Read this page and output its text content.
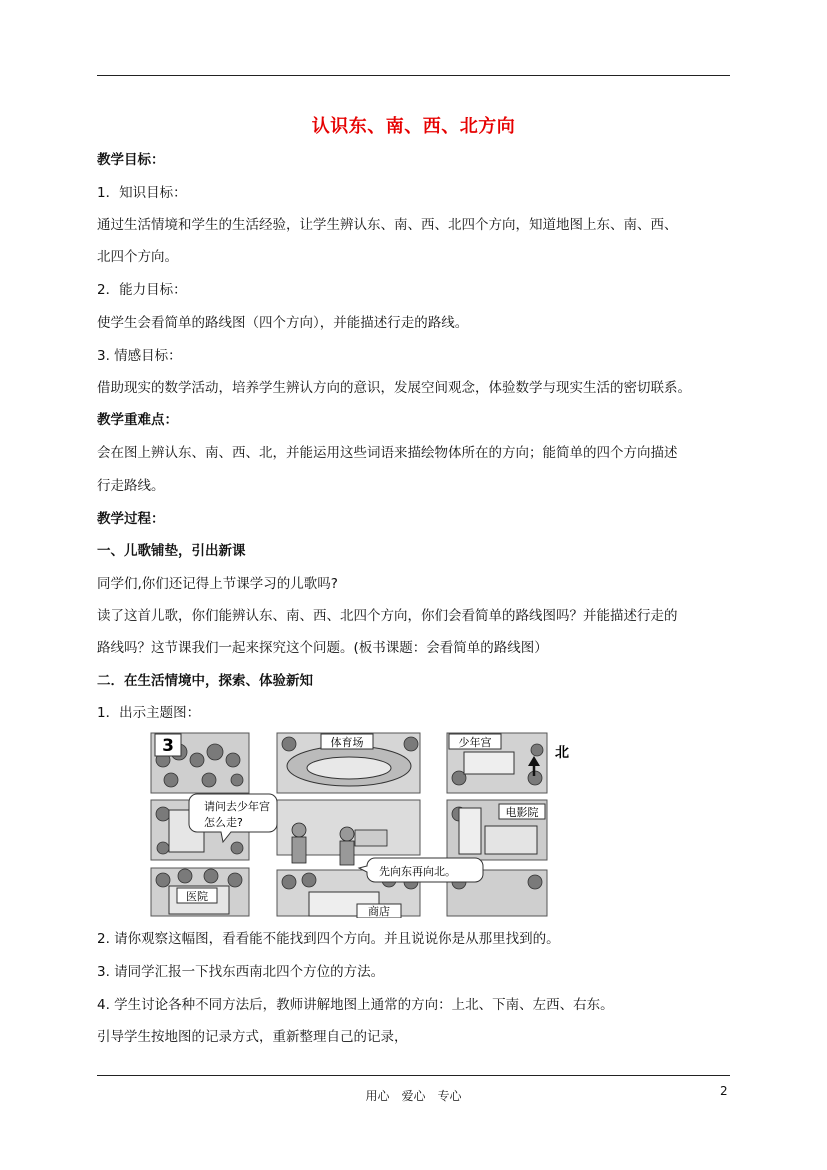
认识东、南、西、北方向
教学目标：
1．知识目标：
通过生活情境和学生的生活经验，让学生辨认东、南、西、北四个方向，知道地图上东、南、西、
北四个方向。
2．能力目标：
使学生会看简单的路线图（四个方向），并能描述行走的路线。
3. 情感目标：
借助现实的数学活动，培养学生辨认方向的意识，发展空间观念，体验数学与现实生活的密切联系。
教学重难点：
会在图上辨认东、南、西、北，并能运用这些词语来描绘物体所在的方向；能简单的四个方向描述
行走路线。
教学过程：
一、儿歌铺垫，引出新课
同学们,你们还记得上节课学习的儿歌吗?
读了这首儿歌，你们能辨认东、南、西、北四个方向，你们会看简单的路线图吗？并能描述行走的
路线吗？这节课我们一起来探究这个问题。(板书课题：会看简单的路线图）
二．在生活情境中，探索、体验新知
1．出示主题图：
体育场	少年宫
电影院
医院
商店
3	北
请问去少年宫
怎么走?
先向东再向北。
2. 请你观察这幅图，看看能不能找到四个方向。并且说说你是从那里找到的。
3. 请同学汇报一下找东西南北四个方位的方法。
4. 学生讨论各种不同方法后，教师讲解地图上通常的方向：上北、下南、左西、右东。
引导学生按地图的记录方式，重新整理自己的记录，
用心　爱心　专心	2
